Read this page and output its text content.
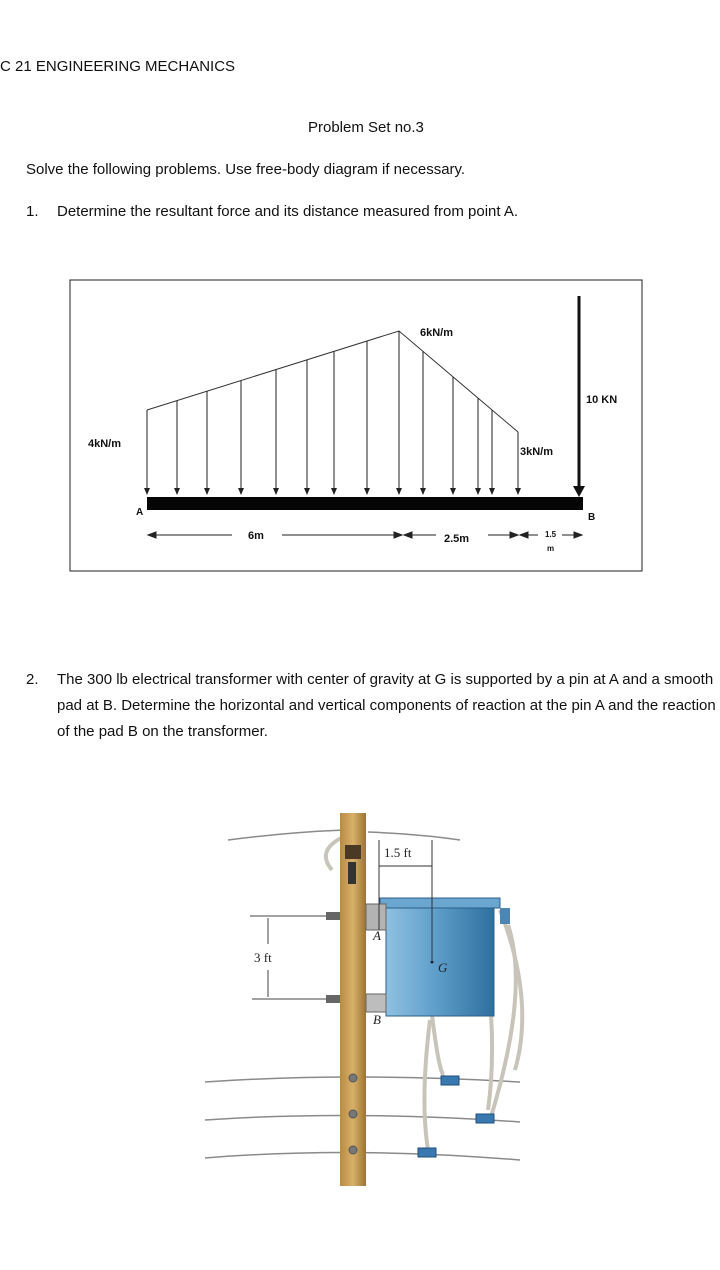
C 21 ENGINEERING MECHANICS
Problem Set no.3
Solve the following problems. Use free-body diagram if necessary.
1. Determine the resultant force and its distance measured from point A.
4kN/m
6kN/m
3kN/m
10 KN
A	B
6m	2.5m	1.5
m
2. The 300 lb electrical transformer with center of gravity at G is supported by a pin at A and a smooth pad at B. Determine the horizontal and vertical components of reaction at the pin A and the reaction of the pad B on the transformer.
3 ft
1.5 ft
A
B
G
